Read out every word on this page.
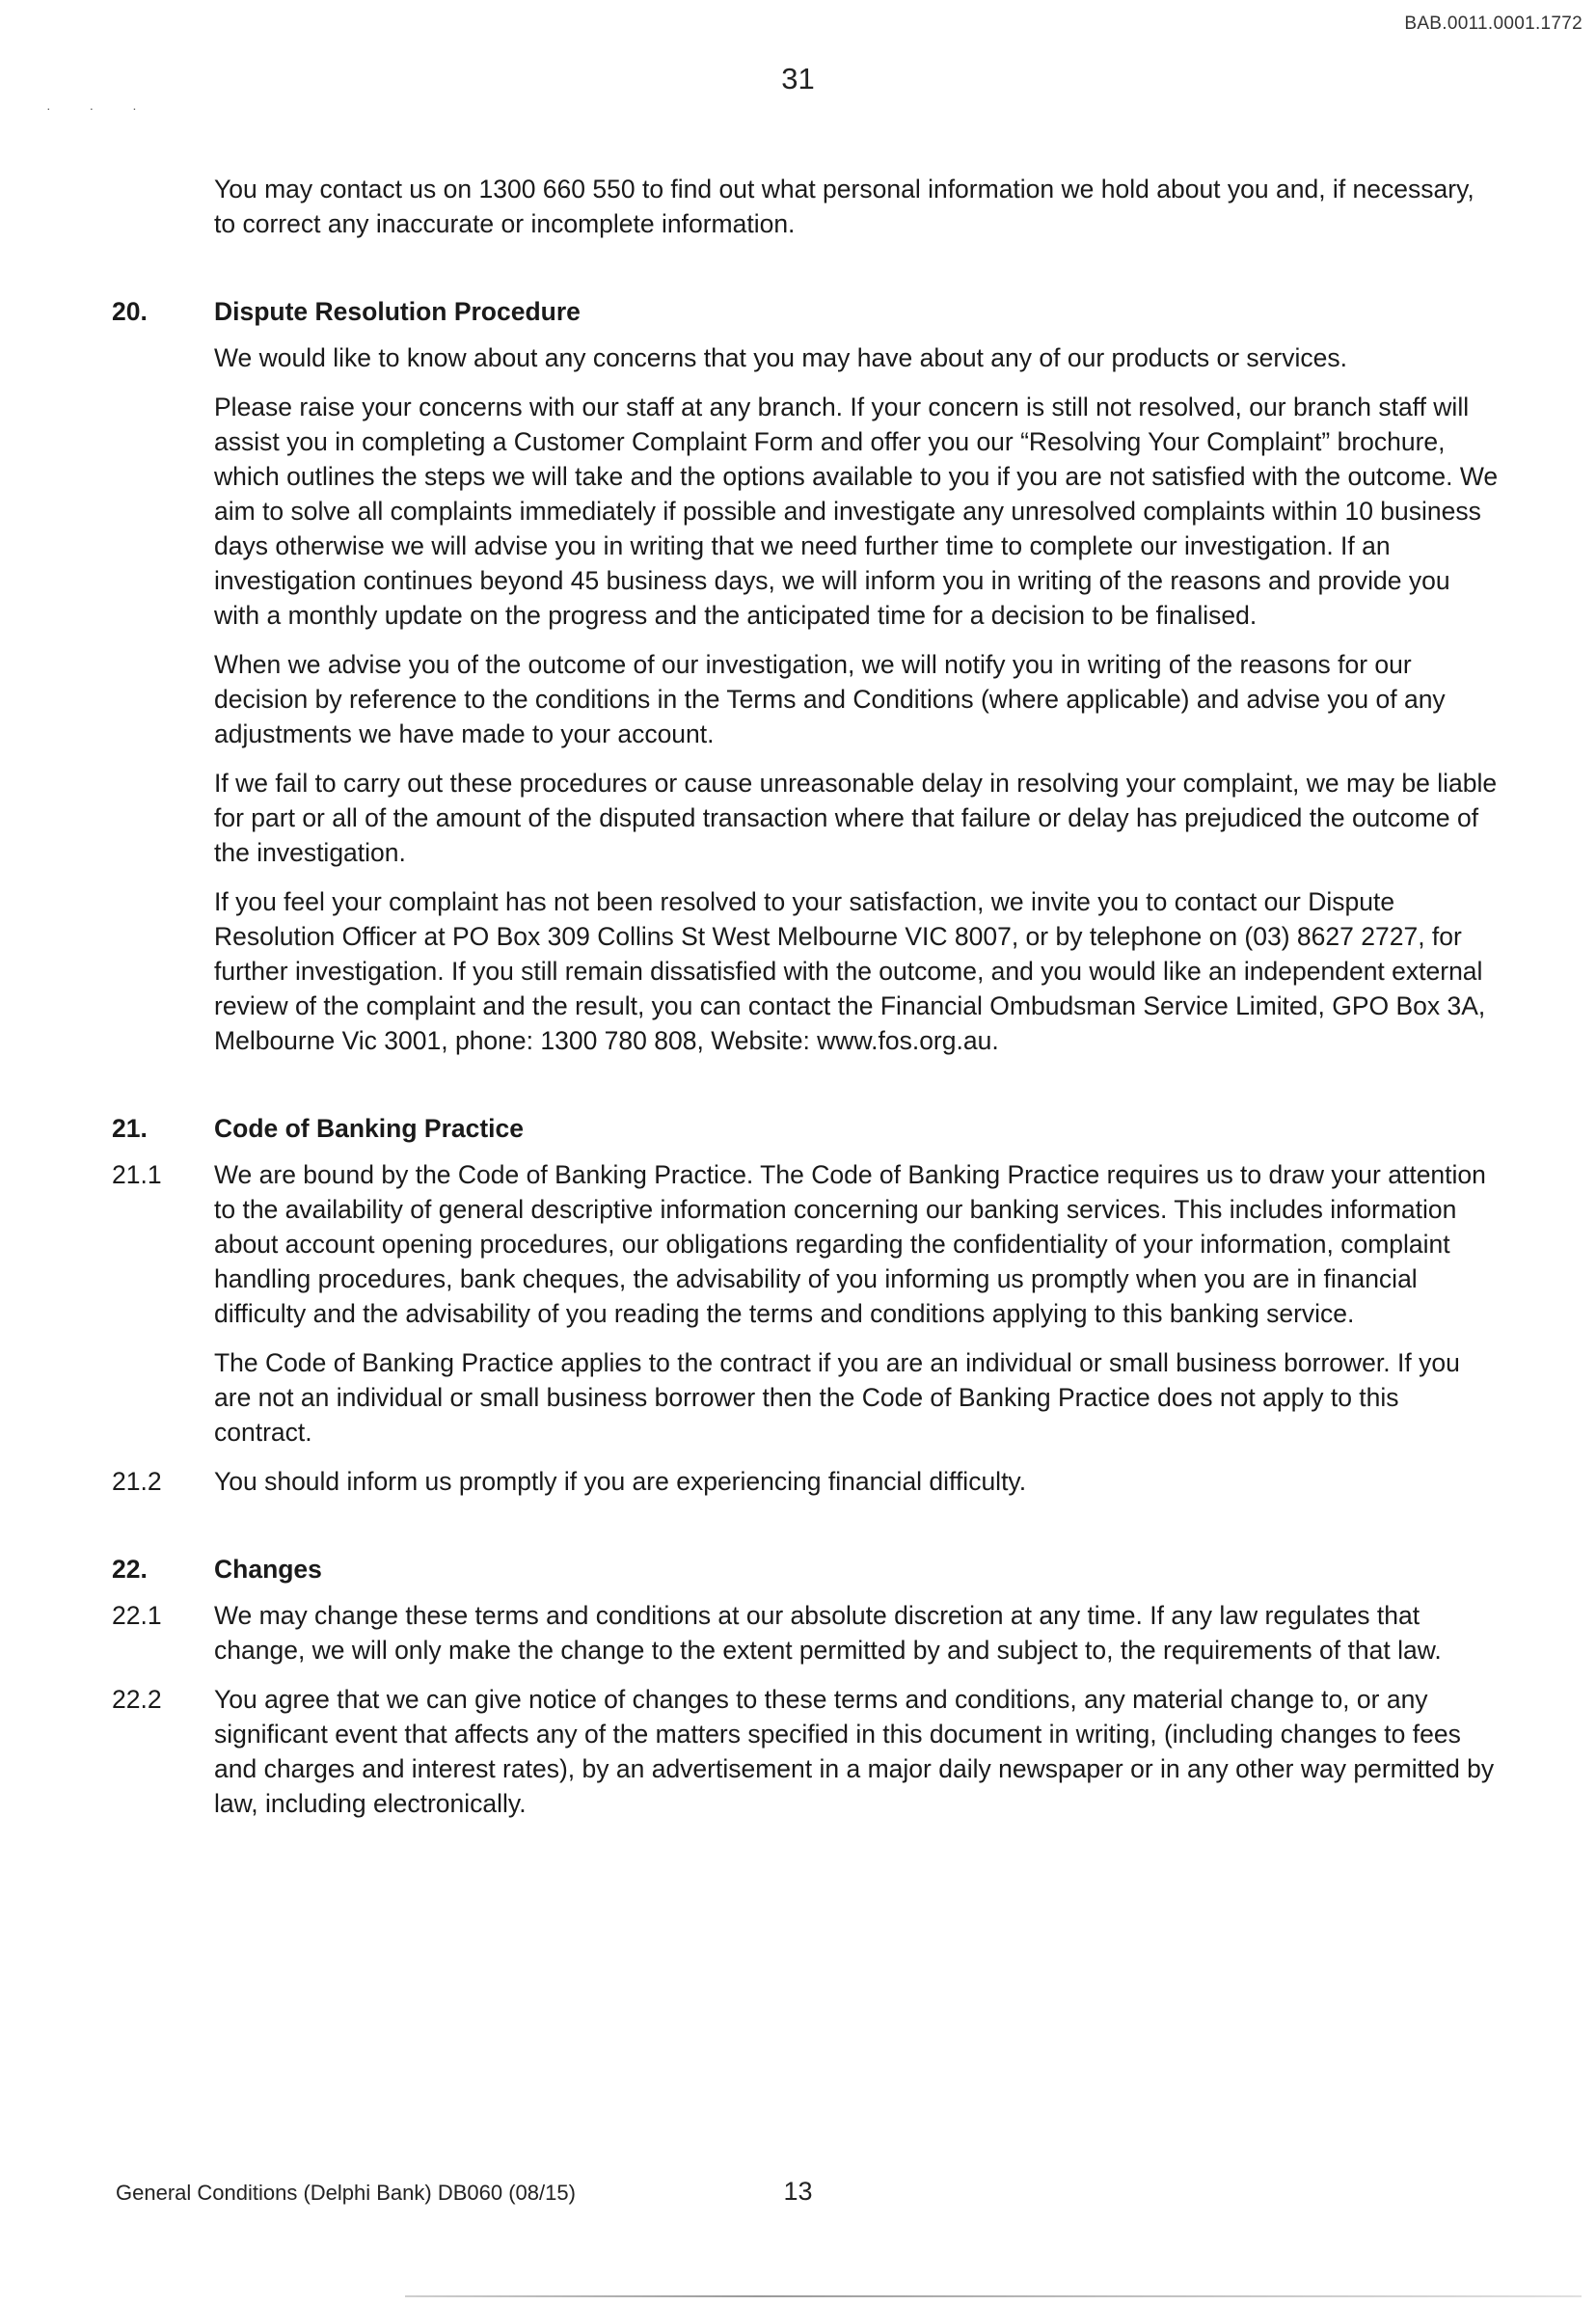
BAB.0011.0001.1772
31
· · ·

You may contact us on 1300 660 550 to find out what personal information we hold about you and, if necessary, to correct any inaccurate or incomplete information.

20.	Dispute Resolution Procedure

We would like to know about any concerns that you may have about any of our products or services.

Please raise your concerns with our staff at any branch. If your concern is still not resolved, our branch staff will assist you in completing a Customer Complaint Form and offer you our “Resolving Your Complaint” brochure, which outlines the steps we will take and the options available to you if you are not satisfied with the outcome. We aim to solve all complaints immediately if possible and investigate any unresolved complaints within 10 business days otherwise we will advise you in writing that we need further time to complete our investigation. If an investigation continues beyond 45 business days, we will inform you in writing of the reasons and provide you with a monthly update on the progress and the anticipated time for a decision to be finalised.

When we advise you of the outcome of our investigation, we will notify you in writing of the reasons for our decision by reference to the conditions in the Terms and Conditions (where applicable) and advise you of any adjustments we have made to your account.

If we fail to carry out these procedures or cause unreasonable delay in resolving your complaint, we may be liable for part or all of the amount of the disputed transaction where that failure or delay has prejudiced the outcome of the investigation.

If you feel your complaint has not been resolved to your satisfaction, we invite you to contact our Dispute Resolution Officer at PO Box 309 Collins St West Melbourne VIC 8007, or by telephone on (03) 8627 2727, for further investigation. If you still remain dissatisfied with the outcome, and you would like an independent external review of the complaint and the result, you can contact the Financial Ombudsman Service Limited, GPO Box 3A, Melbourne Vic 3001, phone: 1300 780 808, Website: www.fos.org.au.

21.	Code of Banking Practice
21.1	We are bound by the Code of Banking Practice. The Code of Banking Practice requires us to draw your attention to the availability of general descriptive information concerning our banking services. This includes information about account opening procedures, our obligations regarding the confidentiality of your information, complaint handling procedures, bank cheques, the advisability of you informing us promptly when you are in financial difficulty and the advisability of you reading the terms and conditions applying to this banking service.
The Code of Banking Practice applies to the contract if you are an individual or small business borrower. If you are not an individual or small business borrower then the Code of Banking Practice does not apply to this contract.
21.2	You should inform us promptly if you are experiencing financial difficulty.
22.	Changes
22.1	We may change these terms and conditions at our absolute discretion at any time. If any law regulates that change, we will only make the change to the extent permitted by and subject to, the requirements of that law.
22.2	You agree that we can give notice of changes to these terms and conditions, any material change to, or any significant event that affects any of the matters specified in this document in writing, (including changes to fees and charges and interest rates), by an advertisement in a major daily newspaper or in any other way permitted by law, including electronically.
General Conditions (Delphi Bank) DB060 (08/15)	13
